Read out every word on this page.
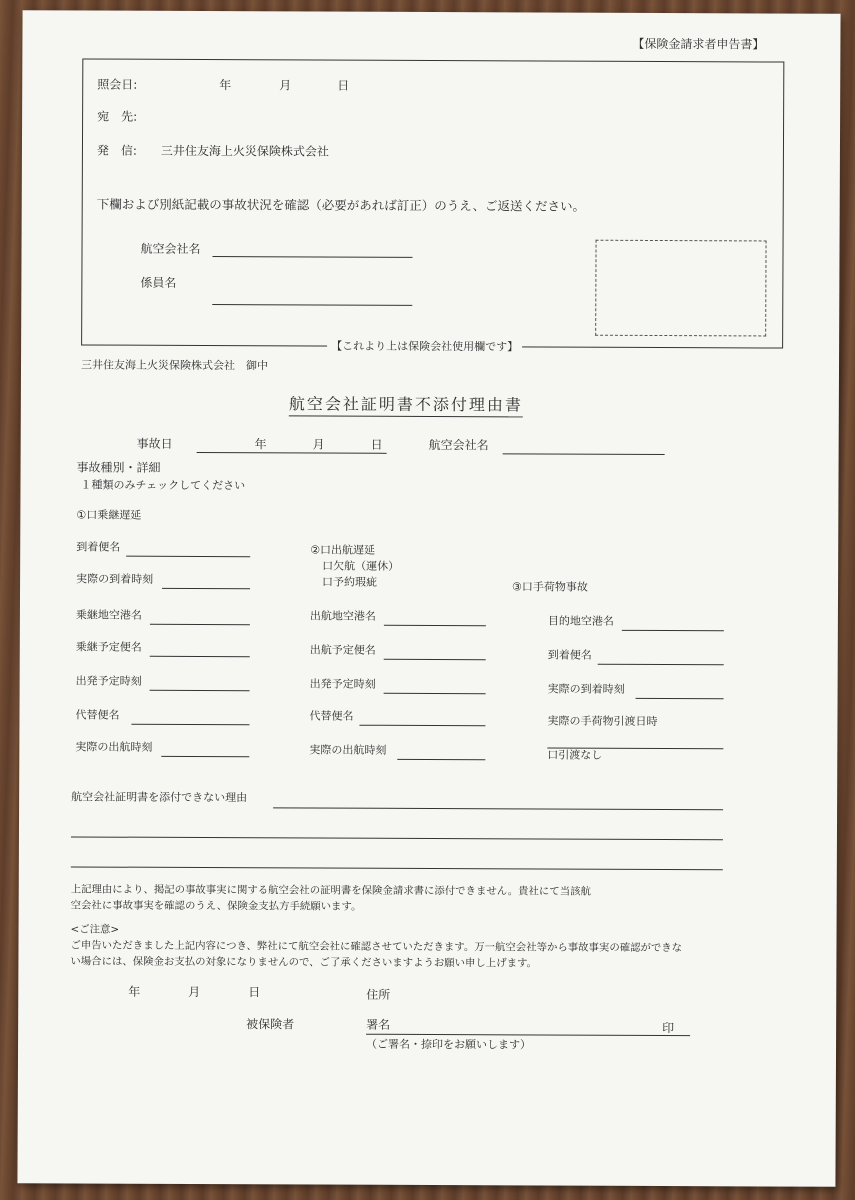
【保険金請求者申告書】
照会日:	年	月	日
宛　先:
発　信: 三井住友海上火災保険株式会社
下欄および別紙記載の事故状況を確認（必要があれば訂正）のうえ、ご返送ください。
航空会社名
係員名
【これより上は保険会社使用欄です】
三井住友海上火災保険株式会社　御中
航空会社証明書不添付理由書
事故日	年	月	日	航空会社名
事故種別・詳細
１種類のみチェックしてください
①口乗継遅延
到着便名
実際の到着時刻
乗継地空港名
乗継予定便名
出発予定時刻
代替便名
実際の出航時刻
②口出航遅延
口欠航（運休）
口予約瑕疵
出航地空港名
出航予定便名
出発予定時刻
代替便名
実際の出航時刻
③口手荷物事故
目的地空港名
到着便名
実際の到着時刻
実際の手荷物引渡日時
口引渡なし
航空会社証明書を添付できない理由
上記理由により、掲記の事故事実に関する航空会社の証明書を保険金請求書に添付できません。貴社にて当該航
空会社に事故事実を確認のうえ、保険金支払方手続願います。
<ご注意>
ご申告いただきました上記内容につき、弊社にて航空会社に確認させていただきます。万一航空会社等から事故事実の確認ができな
い場合には、保険金お支払の対象になりませんので、ご了承くださいますようお願い申し上げます。
年	月	日	住所
被保険者	署名	印
（ご署名・捺印をお願いします）
